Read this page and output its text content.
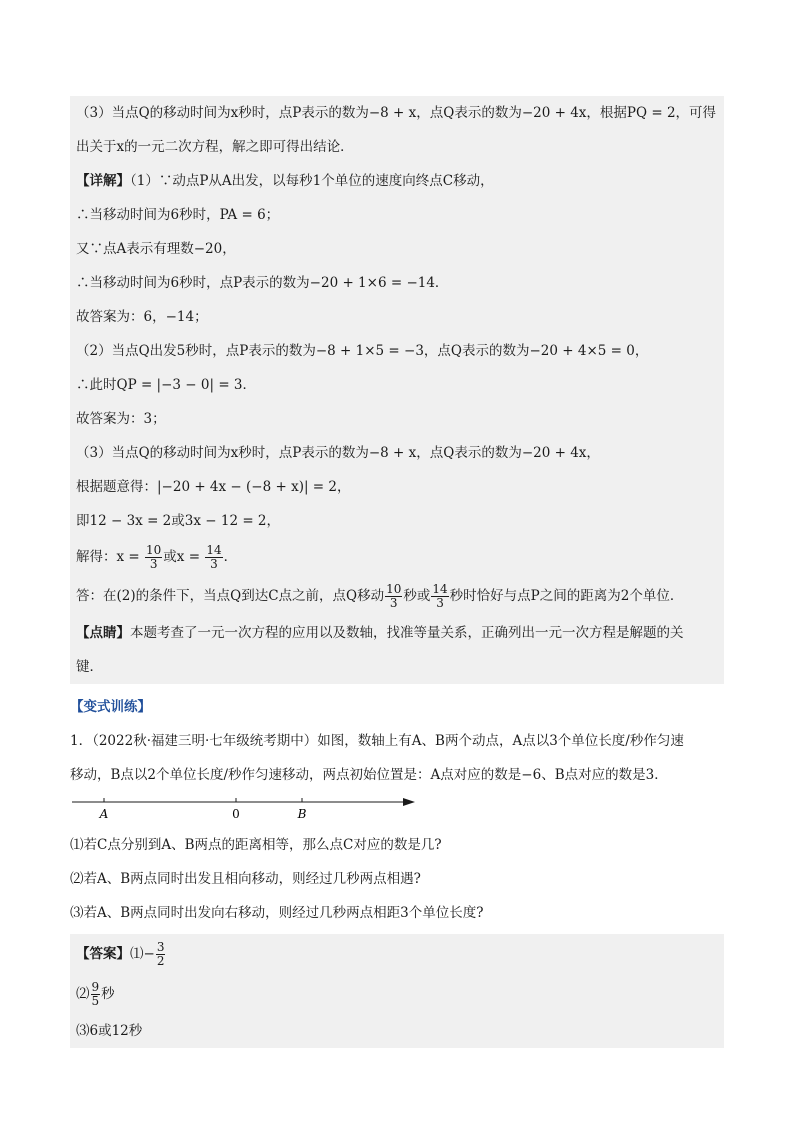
（3）当点Q的移动时间为x秒时，点P表示的数为−8 + x，点Q表示的数为−20 + 4x，根据PQ = 2，可得
出关于x的一元二次方程，解之即可得出结论．
【详解】（1）∵动点P从A出发，以每秒1个单位的速度向终点C移动，
∴当移动时间为6秒时，PA = 6；
又∵点A表示有理数−20，
∴当移动时间为6秒时，点P表示的数为−20 + 1×6 = −14．
故答案为：6，−14；
（2）当点Q出发5秒时，点P表示的数为−8 + 1×5 = −3，点Q表示的数为−20 + 4×5 = 0，
∴此时QP = |−3 − 0| = 3．
故答案为：3；
（3）当点Q的移动时间为x秒时，点P表示的数为−8 + x，点Q表示的数为−20 + 4x，
根据题意得：|−20 + 4x − (−8 + x)| = 2，
即12 − 3x = 2或3x − 12 = 2，
解得：$x = \frac{10}{3}$ 或$x = \frac{14}{3}$ ．
答：在(2)的条件下，当点Q到达C点之前，点Q移动 $\frac{10}{3}$ 秒或 $\frac{14}{3}$ 秒时恰好与点P之间的距离为2个单位．
【点睛】本题考查了一元一次方程的应用以及数轴，找准等量关系，正确列出一元一次方程是解题的关
键．
【变式训练】
1．（2022秋·福建三明·七年级统考期中）如图，数轴上有A、B两个动点，A点以3个单位长度/秒作匀速
移动，B点以2个单位长度/秒作匀速移动，两点初始位置是：A点对应的数是−6、B点对应的数是3．
A	0	B
⑴若C点分别到A、B两点的距离相等，那么点C对应的数是几?
⑵若A、B两点同时出发且相向移动，则经过几秒两点相遇?
⑶若A、B两点同时出发向右移动，则经过几秒两点相距3个单位长度?
【答案】⑴− $\frac{3}{2}$
⑵ $\frac{9}{5}$ 秒
⑶6或12秒
